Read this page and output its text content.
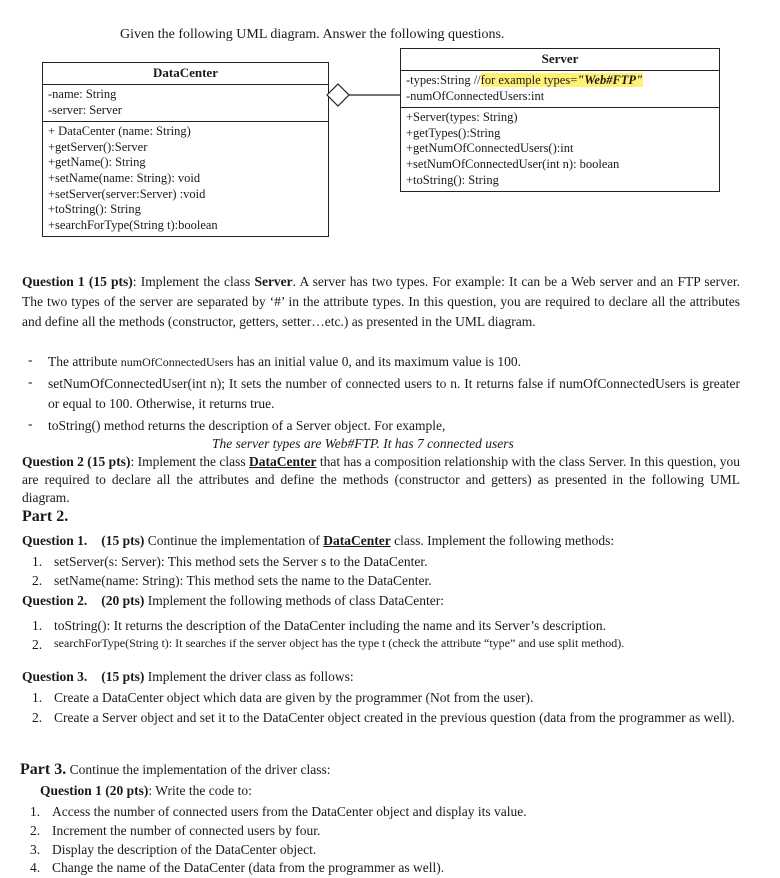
Given the following UML diagram. Answer the following questions.
DataCenter
-name: String
-server: Server
+ DataCenter (name: String)
+getServer():Server
+getName(): String
+setName(name: String): void
+setServer(server:Server) :void
+toString(): String
+searchForType(String t):boolean
Server
-types:String //for example types="Web#FTP"
-numOfConnectedUsers:int
+Server(types: String)
+getTypes():String
+getNumOfConnectedUsers():int
+setNumOfConnectedUser(int n): boolean
+toString(): String
Question 1 (15 pts): Implement the class Server. A server has two types. For example: It can be a Web server and an FTP server. The two types of the server are separated by ‘#’ in the attribute types. In this question, you are required to declare all the attributes and define all the methods (constructor, getters, setter…etc.) as presented in the UML diagram.
- The attribute numOfConnectedUsers has an initial value 0, and its maximum value is 100.
- setNumOfConnectedUser(int n); It sets the number of connected users to n. It returns false if numOfConnectedUsers is greater or equal to 100. Otherwise, it returns true.
- toString() method returns the description of a Server object. For example,
The server types are Web#FTP. It has 7 connected users
Question 2 (15 pts): Implement the class DataCenter that has a composition relationship with the class Server. In this question, you are required to declare all the attributes and define the methods (constructor and getters) as presented in the following UML diagram.
Part 2.
Question 1. (15 pts) Continue the implementation of DataCenter class. Implement the following methods:
1. setServer(s: Server): This method sets the Server s to the DataCenter.
2. setName(name: String): This method sets the name to the DataCenter.
Question 2. (20 pts) Implement the following methods of class DataCenter:
1. toString(): It returns the description of the DataCenter including the name and its Server’s description.
2. searchForType(String t): It searches if the server object has the type t (check the attribute “type” and use split method).
Question 3. (15 pts) Implement the driver class as follows:
1. Create a DataCenter object which data are given by the programmer (Not from the user).
2. Create a Server object and set it to the DataCenter object created in the previous question (data from the programmer as well).
Part 3. Continue the implementation of the driver class:
Question 1 (20 pts): Write the code to:
1. Access the number of connected users from the DataCenter object and display its value.
2. Increment the number of connected users by four.
3. Display the description of the DataCenter object.
4. Change the name of the DataCenter (data from the programmer as well).
